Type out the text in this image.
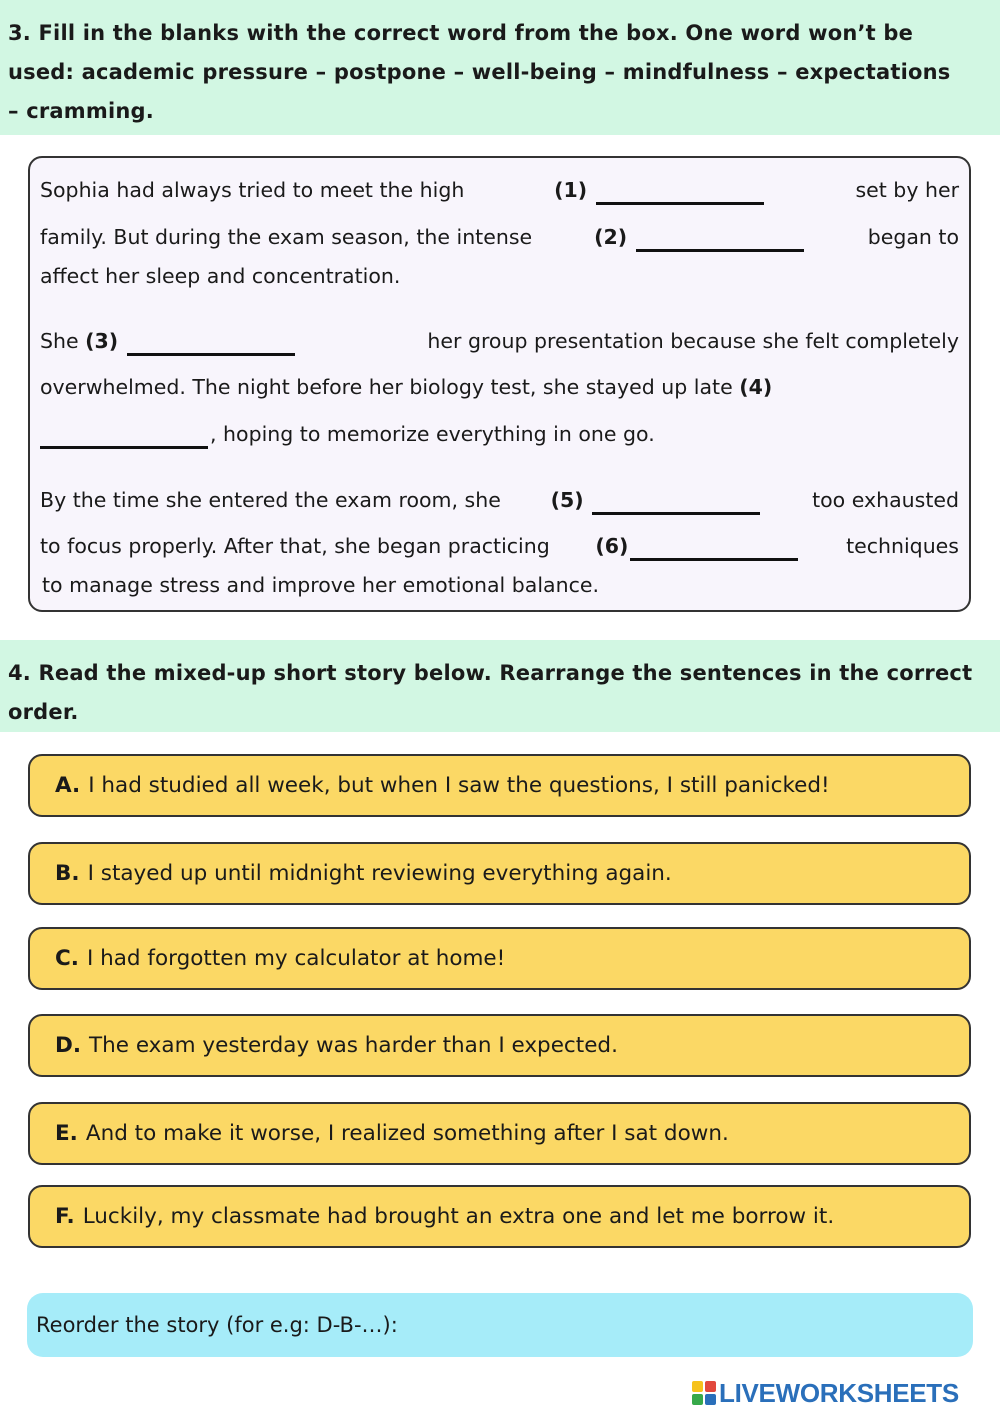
3. Fill in the blanks with the correct word from the box. One word won’t be
used: academic pressure – postpone – well-being – mindfulness – expectations
– cramming.
Sophia had always tried to meet the high	(1)	set by her
family. But during the exam season, the intense	(2)	began to
affect her sleep and concentration.
She (3)	her group presentation because she felt completely
overwhelmed. The night before her biology test, she stayed up late (4)
, hoping to memorize everything in one go.
By the time she entered the exam room, she (5)	too exhausted
to focus properly. After that, she began practicing (6)	techniques
to manage stress and improve her emotional balance.
4. Read the mixed-up short story below. Rearrange the sentences in the correct
order.
A. I had studied all week, but when I saw the questions, I still panicked!
B. I stayed up until midnight reviewing everything again.
C. I had forgotten my calculator at home!
D. The exam yesterday was harder than I expected.
E. And to make it worse, I realized something after I sat down.
F. Luckily, my classmate had brought an extra one and let me borrow it.
Reorder the story (for e.g: D-B-…):
LIVEWORKSHEETS
